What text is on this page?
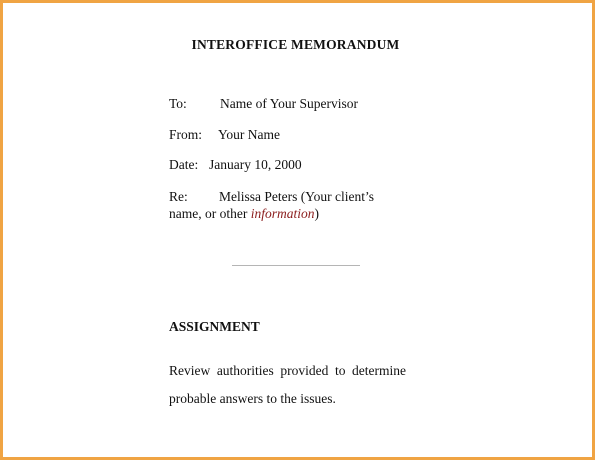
INTEROFFICE MEMORANDUM
To: Name of Your Supervisor
From: Your Name
Date: January 10, 2000
Re: Melissa Peters (Your client’s
name, or other information)
ASSIGNMENT
Review authorities provided to determine
probable answers to the issues.
